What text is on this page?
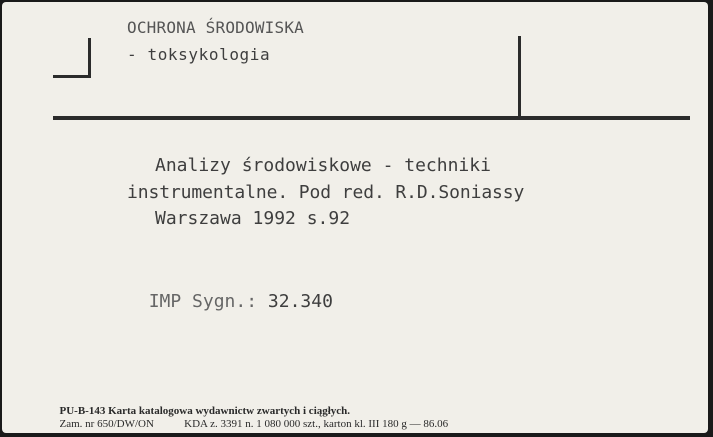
OCHRONA ŚRODOWISKA
- toksykologia
Analizy środowiskowe - techniki
instrumentalne. Pod red. R.D.Soniassy
Warszawa 1992 s.92

IMP Sygn.: 32.340

PU-B-143 Karta katalogowa wydawnictw zwartych i ciągłych.

Zam. nr 650/DW/ON	KDA z. 3391 n. 1 080 000 szt., karton kl. III 180 g — 86.06
